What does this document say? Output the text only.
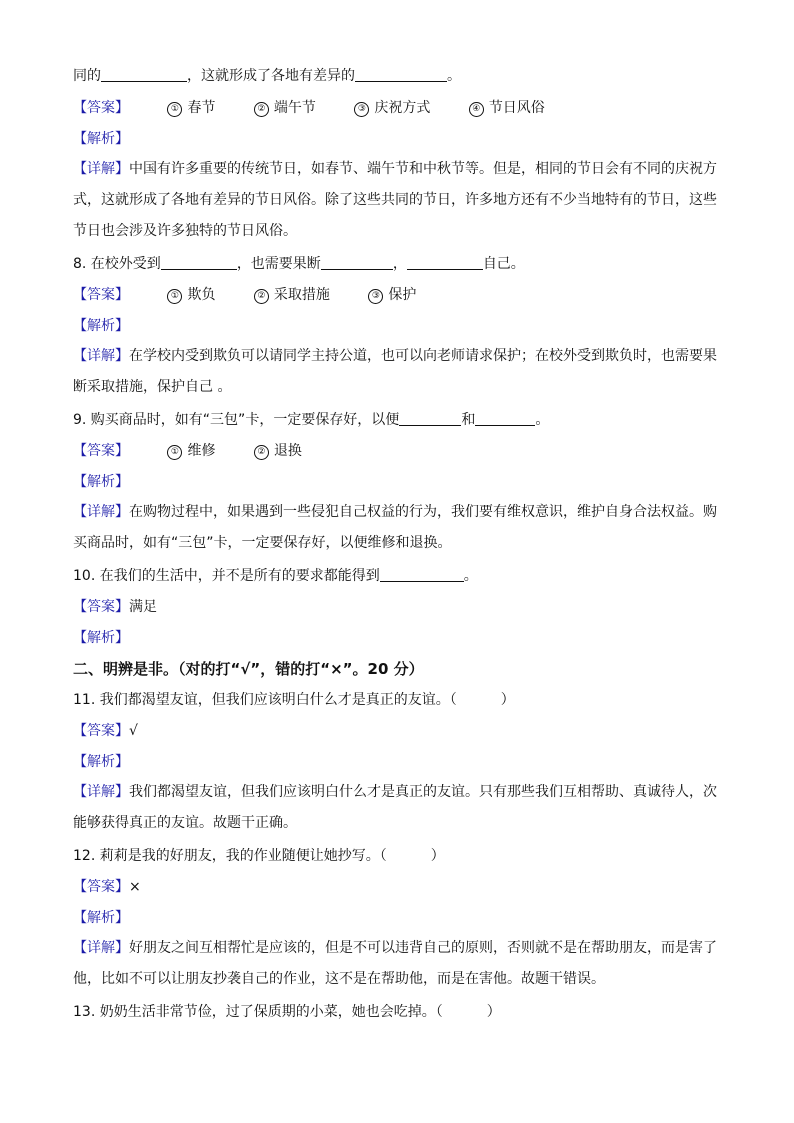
同的	，这就形成了各地有差异的	。
【答案】	① 春节	② 端午节	③ 庆祝方式	④ 节日风俗
【解析】
【详解】中国有许多重要的传统节日，如春节、端午节和中秋节等。但是，相同的节日会有不同的庆祝方式，这就形成了各地有差异的节日风俗。除了这些共同的节日，许多地方还有不少当地特有的节日，这些节日也会涉及许多独特的节日风俗。
8. 在校外受到	，也需要果断	，	自己。
【答案】	① 欺负	② 采取措施	③ 保护
【解析】
【详解】在学校内受到欺负可以请同学主持公道，也可以向老师请求保护；在校外受到欺负时，也需要果断采取措施，保护自己 。
9. 购买商品时，如有“三包”卡，一定要保存好，以便	和	。
【答案】	① 维修	② 退换
【解析】
【详解】在购物过程中，如果遇到一些侵犯自己权益的行为，我们要有维权意识，维护自身合法权益。购买商品时，如有“三包”卡，一定要保存好，以便维修和退换。
10. 在我们的生活中，并不是所有的要求都能得到	。
【答案】满足
【解析】
二、明辨是非。（对的打“√”，错的打“×”。20 分）
11. 我们都渴望友谊，但我们应该明白什么才是真正的友谊。（	）
【答案】√
【解析】
【详解】我们都渴望友谊，但我们应该明白什么才是真正的友谊。只有那些我们互相帮助、真诚待人，次能够获得真正的友谊。故题干正确。
12. 莉莉是我的好朋友，我的作业随便让她抄写。（	）
【答案】×
【解析】
【详解】好朋友之间互相帮忙是应该的，但是不可以违背自己的原则，否则就不是在帮助朋友，而是害了他，比如不可以让朋友抄袭自己的作业，这不是在帮助他，而是在害他。故题干错误。
13. 奶奶生活非常节俭，过了保质期的小菜，她也会吃掉。（	）
